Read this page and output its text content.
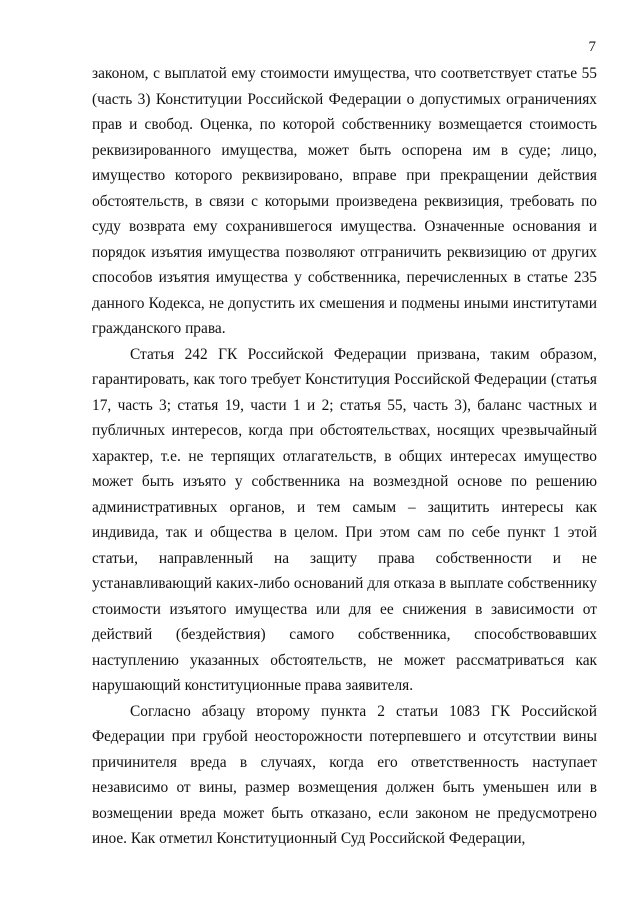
7

законом, с выплатой ему стоимости имущества, что соответствует статье 55 (часть 3) Конституции Российской Федерации о допустимых ограничениях прав и свобод. Оценка, по которой собственнику возмещается стоимость реквизированного имущества, может быть оспорена им в суде; лицо, имущество которого реквизировано, вправе при прекращении действия обстоятельств, в связи с которыми произведена реквизиция, требовать по суду возврата ему сохранившегося имущества. Означенные основания и порядок изъятия имущества позволяют отграничить реквизицию от других способов изъятия имущества у собственника, перечисленных в статье 235 данного Кодекса, не допустить их смешения и подмены иными институтами гражданского права.

Статья 242 ГК Российской Федерации призвана, таким образом, гарантировать, как того требует Конституция Российской Федерации (статья 17, часть 3; статья 19, части 1 и 2; статья 55, часть 3), баланс частных и публичных интересов, когда при обстоятельствах, носящих чрезвычайный характер, т.е. не терпящих отлагательств, в общих интересах имущество может быть изъято у собственника на возмездной основе по решению административных органов, и тем самым – защитить интересы как индивида, так и общества в целом. При этом сам по себе пункт 1 этой статьи, направленный на защиту права собственности и не устанавливающий каких-либо оснований для отказа в выплате собственнику стоимости изъятого имущества или для ее снижения в зависимости от действий (бездействия) самого собственника, способствовавших наступлению указанных обстоятельств, не может рассматриваться как нарушающий конституционные права заявителя.

Согласно абзацу второму пункта 2 статьи 1083 ГК Российской Федерации при грубой неосторожности потерпевшего и отсутствии вины причинителя вреда в случаях, когда его ответственность наступает независимо от вины, размер возмещения должен быть уменьшен или в возмещении вреда может быть отказано, если законом не предусмотрено иное. Как отметил Конституционный Суд Российской Федерации,
